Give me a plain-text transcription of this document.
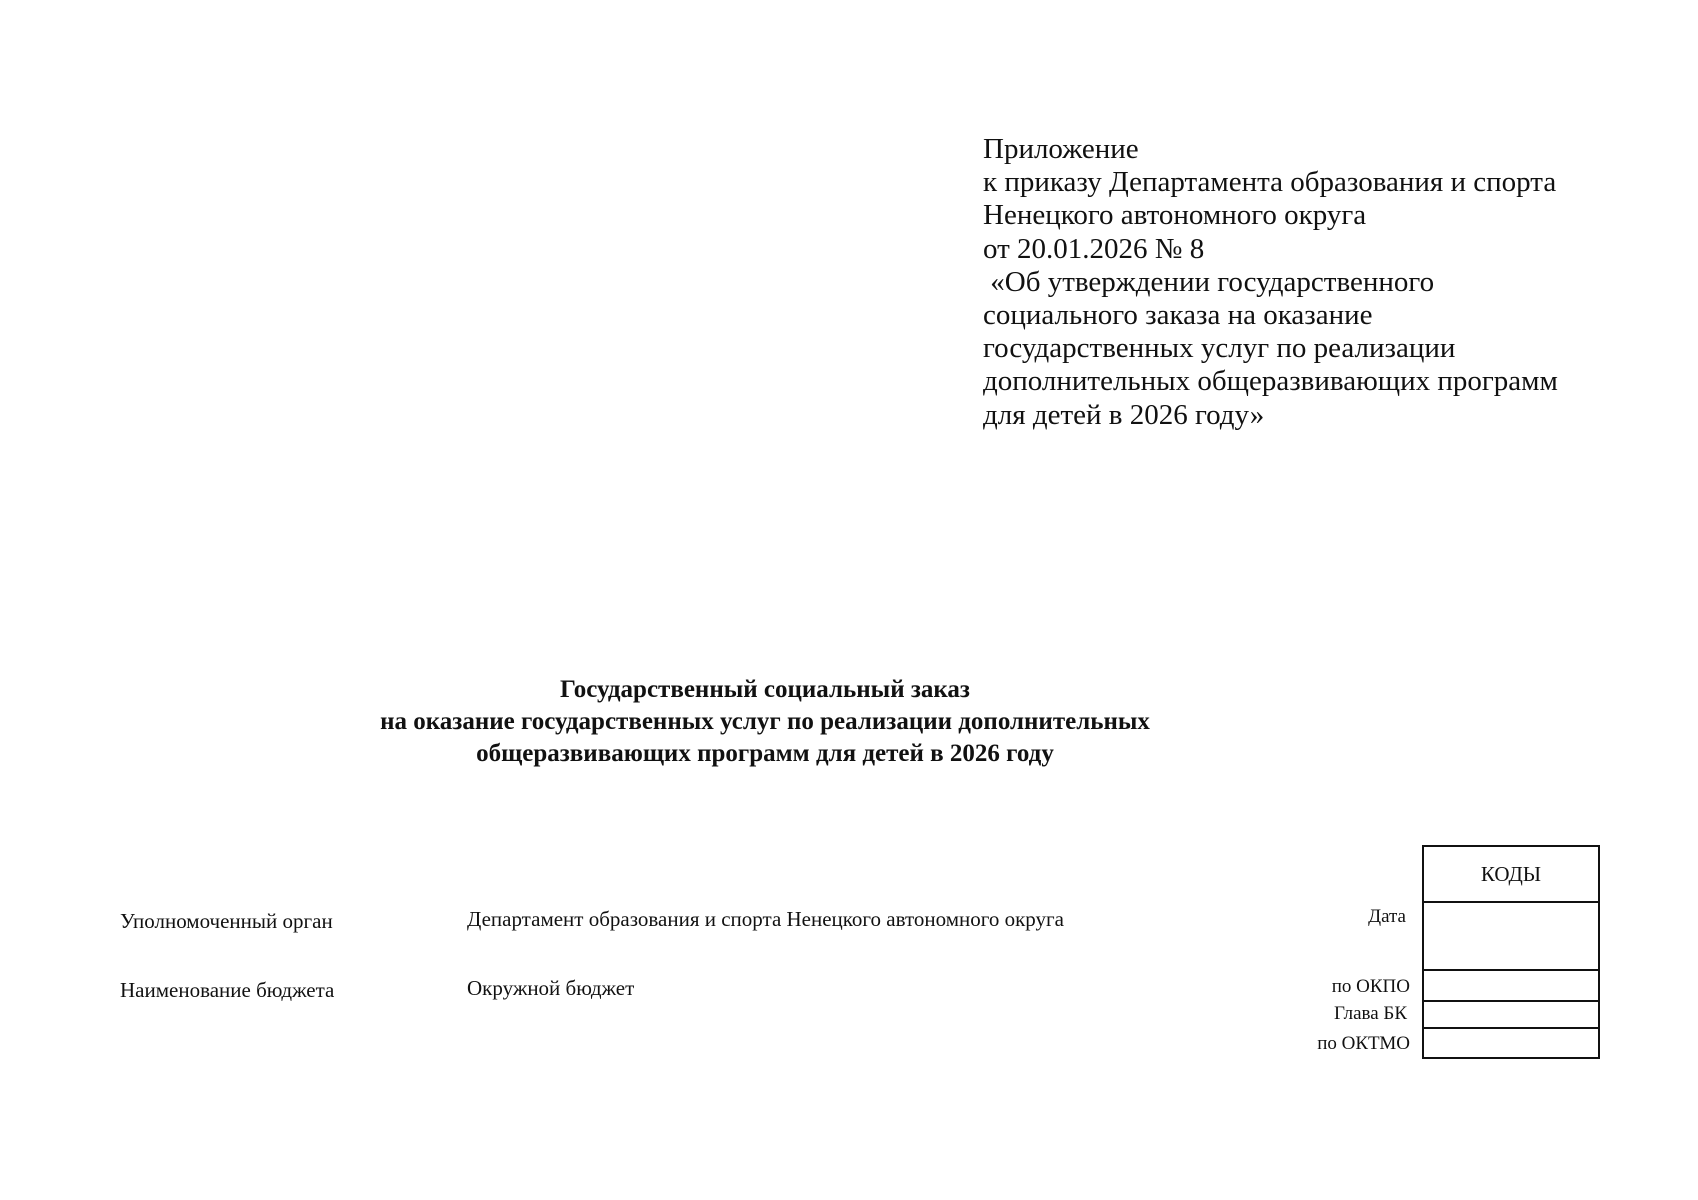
Приложение
к приказу Департамента образования и спорта
Ненецкого автономного округа
от 20.01.2026 № 8
«Об утверждении государственного
социального заказа на оказание
государственных услуг по реализации
дополнительных общеразвивающих программ
для детей в 2026 году»
Государственный социальный заказ
на оказание государственных услуг по реализации дополнительных
общеразвивающих программ для детей в 2026 году
Уполномоченный орган	Департамент образования и спорта Ненецкого автономного округа
Наименование бюджета	Окружной бюджет
Дата
по ОКПО
Глава БК
по ОКТМО
КОДЫ
